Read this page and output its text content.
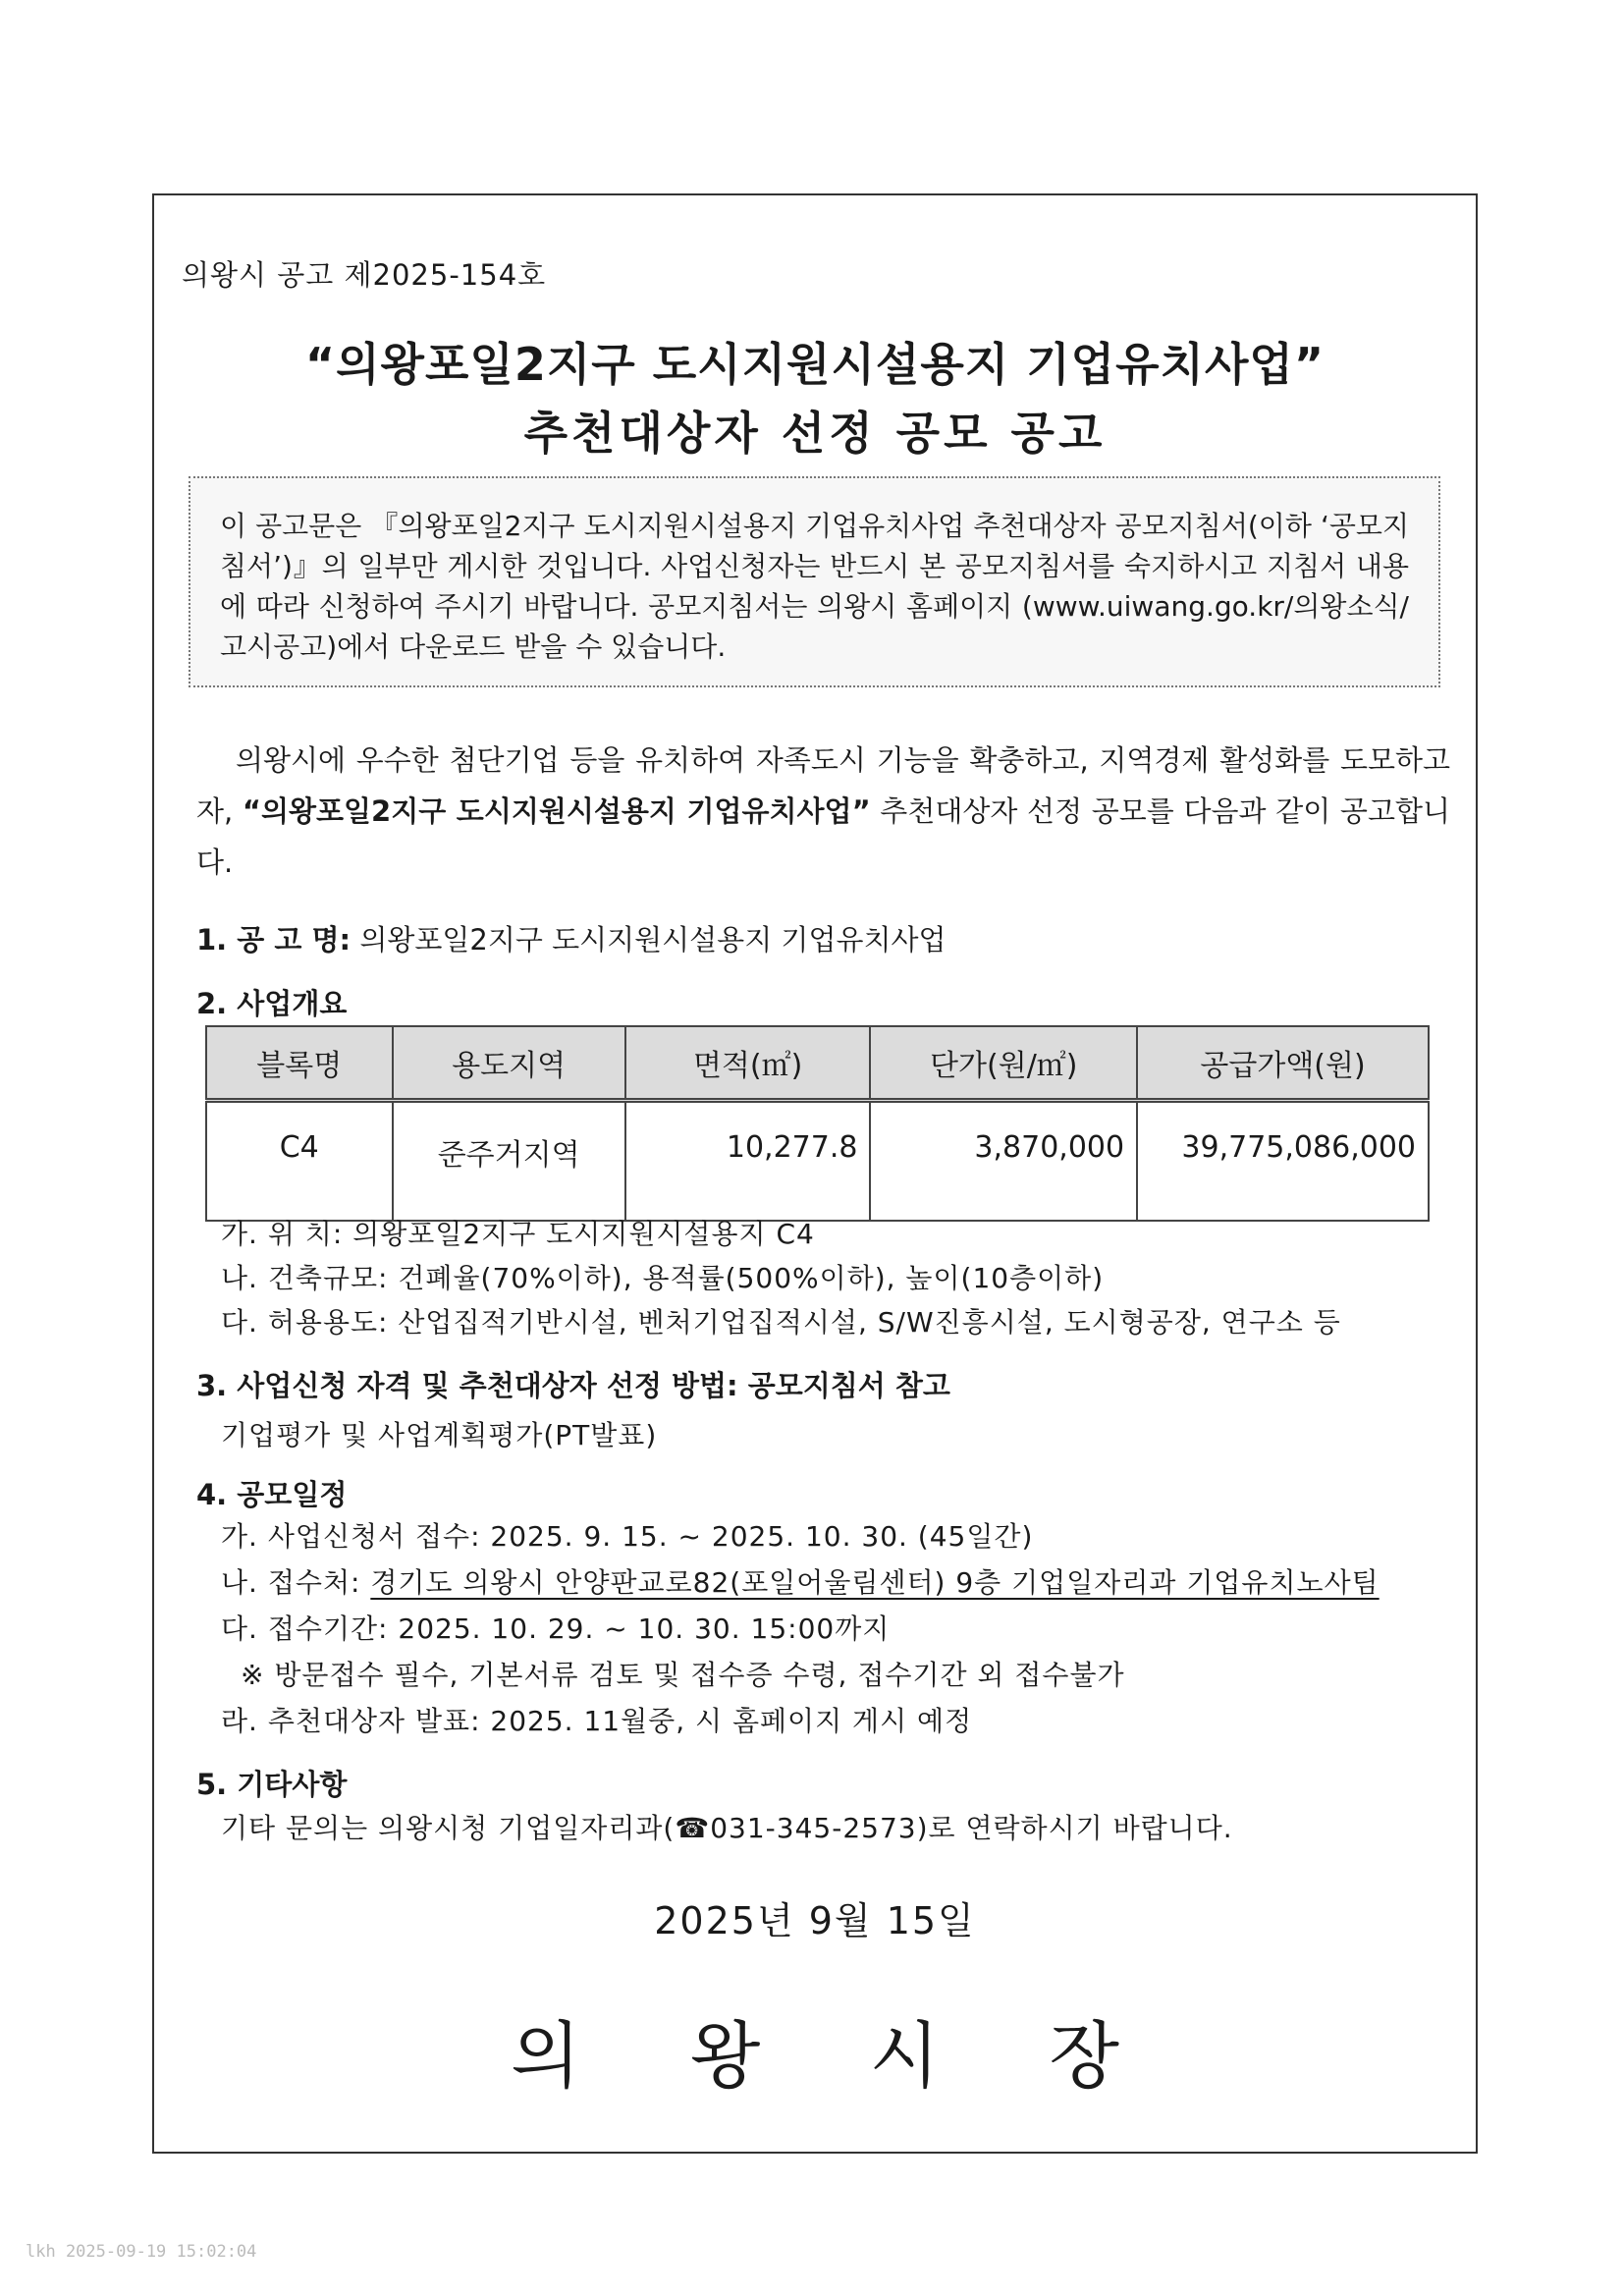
의왕시 공고 제2025-154호
“의왕포일2지구 도시지원시설용지 기업유치사업”
추천대상자 선정 공모 공고
이 공고문은 『의왕포일2지구 도시지원시설용지 기업유치사업 추천대상자 공모지침서(이하 ‘공모지침서’)』의 일부만 게시한 것입니다. 사업신청자는 반드시 본 공모지침서를 숙지하시고 지침서 내용에 따라 신청하여 주시기 바랍니다. 공모지침서는 의왕시 홈페이지 (www.uiwang.go.kr/의왕소식/고시공고)에서 다운로드 받을 수 있습니다.
의왕시에 우수한 첨단기업 등을 유치하여 자족도시 기능을 확충하고, 지역경제 활성화를 도모하고자, “의왕포일2지구 도시지원시설용지 기업유치사업” 추천대상자 선정 공모를 다음과 같이 공고합니다.
1. 공 고 명: 의왕포일2지구 도시지원시설용지 기업유치사업
2. 사업개요
블록명	용도지역	면적(㎡)	단가(원/㎡)	공급가액(원)
C4	준주거지역	10,277.8	3,870,000	39,775,086,000
가. 위 치: 의왕포일2지구 도시지원시설용지 C4
나. 건축규모: 건폐율(70%이하), 용적률(500%이하), 높이(10층이하)
다. 허용용도: 산업집적기반시설, 벤처기업집적시설, S/W진흥시설, 도시형공장, 연구소 등
3. 사업신청 자격 및 추천대상자 선정 방법: 공모지침서 참고
기업평가 및 사업계획평가(PT발표)
4. 공모일정
가. 사업신청서 접수: 2025. 9. 15. ~ 2025. 10. 30. (45일간)
나. 접수처: 경기도 의왕시 안양판교로82(포일어울림센터) 9층 기업일자리과 기업유치노사팀
다. 접수기간: 2025. 10. 29. ~ 10. 30. 15:00까지
※ 방문접수 필수, 기본서류 검토 및 접수증 수령, 접수기간 외 접수불가
라. 추천대상자 발표: 2025. 11월중, 시 홈페이지 게시 예정
5. 기타사항
기타 문의는 의왕시청 기업일자리과(☎031-345-2573)로 연락하시기 바랍니다.
2025년 9월 15일
의 왕 시 장
lkh 2025-09-19 15:02:04
